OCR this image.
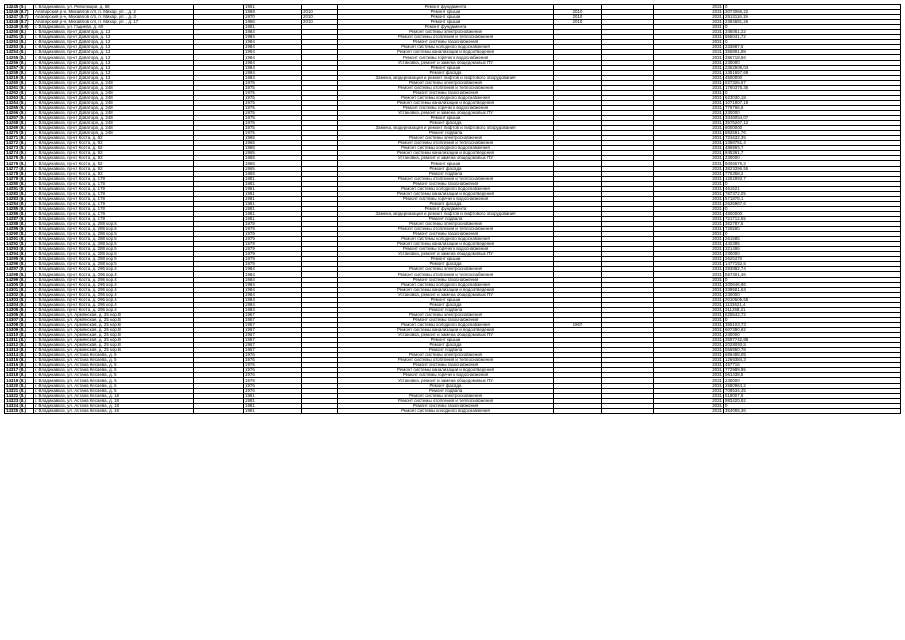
14245 (9.)	г. Владикавказ, ул. Революции, д. 58		1961		Ремонт фундамента			2031	0
14246 (8.7)	Алагирский р-н, Михайлов с/п, п. Михар, ул. , д. 2		1969	2010	Ремонт крыши	2010		2031	3074066,22
14247 (8.7)	Алагирский р-н, Михайлов с/п, п. Михар, ул. , д. 3		1970	2010	Ремонт крыши	2010		2031	2513116,19
14248 (8.7)	Алагирский р-н, Михайлов с/п, п. Михар, ул. , д. 17		1966	2010	Ремонт крыши	2010		2031	2394681,26
14249 (8.9)	г. Владикавказ, ул. Гадиева, д. 60		1981		Ремонт фундамента			2031	0
14250 (8.)	г. Владикавказ, пр-кт Доватора, д. 13		1984		Ремонт системы электроснабжения			2031	345061,22
14251 (8.)	г. Владикавказ, пр-кт Доватора, д. 13		1984		Ремонт системы отопления и теплоснабжения			2031	655041,72
14252 (8.)	г. Владикавказ, пр-кт Доватора, д. 13		1984		Ремонт системы газоснабжения			2031	0
14253 (8.)	г. Владикавказ, пр-кт Доватора, д. 13		1984		Ремонт системы холодного водоснабжения			2031	233887,6
14254 (8.)	г. Владикавказ, пр-кт Доватора, д. 13		1984		Ремонт системы канализации и водоотведения			2031	356891,98
14255 (8.)	г. Владикавказ, пр-кт Доватора, д. 13		1984		Ремонт системы горячего водоснабжения			2031	286718,56
14256 (8.)	г. Владикавказ, пр-кт Доватора, д. 13		1984		Установка, ремонт и замена общедомовых ПУ			2031	230000
14257 (8.)	г. Владикавказ, пр-кт Доватора, д. 13		1984		Ремонт крыши			2031	2362508,04
14258 (8.)	г. Владикавказ, пр-кт Доватора, д. 13		1984		Ремонт фасада			2031	1351657,68
14219 (8.)	г. Владикавказ, пр-кт Доватора, д. 13		1984		Замена, модернизация и ремонт лифтов и лифтового оборудования			2031	4500000
14260 (8.)	г. Владикавказ, пр-кт Доватора, д. 248		1975		Ремонт системы электроснабжения			2031	527326,57
14261 (8.)	г. Владикавказ, пр-кт Доватора, д. 248		1975		Ремонт системы отопления и теплоснабжения			2031	1760375,35
14262 (8.)	г. Владикавказ, пр-кт Доватора, д. 248		1975		Ремонт системы газоснабжения			2031	0
14263 (8.)	г. Владикавказ, пр-кт Доватора, д. 248		1975		Ремонт системы холодного водоснабжения			2031	623030,18
14264 (8.)	г. Владикавказ, пр-кт Доватора, д. 248		1975		Ремонт системы канализации и водоотведения			2031	1071907,19
14265 (8.)	г. Владикавказ, пр-кт Доватора, д. 248		1975		Ремонт системы горячего водоснабжения			2031	776796,8
14266 (8.)	г. Владикавказ, пр-кт Доватора, д. 248		1975		Установка, ремонт и замена общедомовых ПУ			2031	230000
14267 (8.)	г. Владикавказ, пр-кт Доватора, д. 248		1975		Ремонт крыши			2031	3349054,07
14268 (8.)	г. Владикавказ, пр-кт Доватора, д. 248		1975		Ремонт фасада			2031	3575267,12
14269 (8.)	г. Владикавказ, пр-кт Доватора, д. 248		1975		Замена, модернизация и ремонт лифтов и лифтового оборудования			2031	6000000
14270 (8.)	г. Владикавказ, пр-кт Доватора, д. 248		1975		Ремонт подвала			2031	882591,76
14271 (8.)	г. Владикавказ, пр-кт Коста, д. 92		1965		Ремонт системы электроснабжения			2031	731632,35
14272 (8.)	г. Владикавказ, пр-кт Коста, д. 92		1965		Ремонт системы отопления и теплоснабжения			2031	1368751,4
14273 (8.)	г. Владикавказ, пр-кт Коста, д. 92		1965		Ремонт системы холодного водоснабжения			2031	486993,7
14274 (8.)	г. Владикавказ, пр-кт Коста, д. 92		1965		Ремонт системы канализации и водоотведения			2031	845361,7
14275 (8.)	г. Владикавказ, пр-кт Коста, д. 92		1965		Установка, ремонт и замена общедомовых ПУ			2031	230000
14276 (8.)	г. Владикавказ, пр-кт Коста, д. 92		1965		Ремонт крыши			2031	5006576,2
14277 (8.)	г. Владикавказ, пр-кт Коста, д. 92		1965		Ремонт фасада			2031	3823396,55
14278 (8.)	г. Владикавказ, пр-кт Коста, д. 92		1965		Ремонт подвала			2031	775368,2
14279 (8.)	г. Владикавказ, пр-кт Коста, д. 178		1981		Ремонт системы отопления и теплоснабжения			2031	1262993,7
14280 (8.)	г. Владикавказ, пр-кт Коста, д. 178		1981		Ремонт системы газоснабжения			2031	0
14281 (8.)	г. Владикавказ, пр-кт Коста, д. 178		1981		Ремонт системы холодного водоснабжения			2031	461621
14282 (8.)	г. Владикавказ, пр-кт Коста, д. 178		1981		Ремонт системы канализации и водоотведения			2031	787372,05
14283 (8.)	г. Владикавказ, пр-кт Коста, д. 178		1981		Ремонт системы горячего водоснабжения			2031	571878,1
14284 (8.)	г. Владикавказ, пр-кт Коста, д. 178		1981		Ремонт фасада			2031	2626967,6
14285 (8.)	г. Владикавказ, пр-кт Коста, д. 178		1981		Ремонт фундамента			2031	0
14286 (8.)	г. Владикавказ, пр-кт Коста, д. 178		1981		Замена, модернизация и ремонт лифтов и лифтового оборудования			2031	4500000
14287 (8.)	г. Владикавказ, пр-кт Коста, д. 178		1981		Ремонт подвала			2031	721712,55
14288 (8.)	г. Владикавказ, пр-кт Коста, д. 288 кор.5		1979		Ремонт системы электроснабжения			2031	362787,5
14289 (8.)	г. Владикавказ, пр-кт Коста, д. 288 кор.5		1979		Ремонт системы отопления и теплоснабжения			2031	726590
14290 (8.)	г. Владикавказ, пр-кт Коста, д. 288 кор.5		1979		Ремонт системы газоснабжения			2031	0
14291 (8.)	г. Владикавказ, пр-кт Коста, д. 288 кор.5		1979		Ремонт системы холодного водоснабжения			2031	261585
14292 (8.)	г. Владикавказ, пр-кт Коста, д. 288 кор.5		1979		Ремонт системы канализации и водоотведения			2031	442395
14293 (8.)	г. Владикавказ, пр-кт Коста, д. 288 кор.5		1979		Ремонт системы горячего водоснабжения			2031	321495
14294 (8.)	г. Владикавказ, пр-кт Коста, д. 288 кор.5		1979		Установка, ремонт и замена общедомовых ПУ			2031	230000
14295 (8.)	г. Владикавказ, пр-кт Коста, д. 288 кор.5		1979		Ремонт крыши			2031	2620470
14296 (8.)	г. Владикавказ, пр-кт Коста, д. 288 кор.5		1979		Ремонт фасада			2031	1477152,5
14297 (8.)	г. Владикавказ, пр-кт Коста, д. 296 кор.4		1984		Ремонт системы электроснабжения			2031	293882,74
14298 (8.)	г. Владикавказ, пр-кт Коста, д. 296 кор.4		1984		Ремонт системы отопления и теплоснабжения			2031	557401,46
14299 (8.)	г. Владикавказ, пр-кт Коста, д. 296 кор.4		1984		Ремонт системы газоснабжения			2031	0
14300 (8.)	г. Владикавказ, пр-кт Коста, д. 296 кор.4		1984		Ремонт системы холодного водоснабжения			2031	200646,96
14301 (8.)	г. Владикавказ, пр-кт Коста, д. 296 кор.4		1984		Ремонт системы канализации и водоотведения			2031	339501,63
14302 (8.)	г. Владикавказ, пр-кт Коста, д. 296 кор.4		1984		Установка, ремонт и замена общедомовых ПУ			2031	230000
14303 (8.)	г. Владикавказ, пр-кт Коста, д. 296 кор.4		1984		Ремонт крыши			2031	2010605,65
14304 (8.)	г. Владикавказ, пр-кт Коста, д. 296 кор.4		1984		Ремонт фасада			2031	1133621,4
14305 (8.)	г. Владикавказ, пр-кт Коста, д. 296 кор.4		1984		Ремонт подвала			2031	311258,31
14306 (8.)	г. Владикавказ, ул. Армянская, д. 25 кор.В		1967		Ремонт системы электроснабжения			2031	525542,72
14307 (8.)	г. Владикавказ, ул. Армянская, д. 25 кор.В		1967		Ремонт системы газоснабжения			2031	0
14308 (8.)	г. Владикавказ, ул. Армянская, д. 25 кор.В		1967		Ремонт системы холодного водоснабжения	1967		2031	359103,73
14309 (8.)	г. Владикавказ, ул. Армянская, д. 25 кор.В		1967		Ремонт системы канализации и водоотведения			2031	607390,92
14310 (8.)	г. Владикавказ, ул. Армянская, д. 25 кор.В		1967		Установка, ремонт и замена общедомовых ПУ			2031	230000
14311 (8.)	г. Владикавказ, ул. Армянская, д. 25 кор.В		1967		Ремонт крыши			2031	3597742,88
14312 (8.)	г. Владикавказ, ул. Армянская, д. 25 кор.В		1967		Ремонт фасада			2031	2028093,8
14313 (8.)	г. Владикавказ, ул. Армянская, д. 25 кор.В		1967		Ремонт подвала			2031	556950,78
14314 (8.)	г. Владикавказ, ул. Астана Кесаева, д. 5		1976		Ремонт системы электроснабжения			2031	669488,05
14315 (8.)	г. Владикавказ, ул. Астана Кесаева, д. 5		1976		Ремонт системы отопления и теплоснабжения			2031	1269384,3
14316 (8.)	г. Владикавказ, ул. Астана Кесаева, д. 5		1976		Ремонт системы газоснабжения			2031	457716
14317 (8.)	г. Владикавказ, ул. Астана Кесаева, д. 5		1976		Ремонт системы канализации и водоотведения			2031	772989,95
14318 (8.)	г. Владикавказ, ул. Астана Кесаева, д. 5		1976		Ремонт системы горячего водоснабжения			2031	561438,5
14319 (8.)	г. Владикавказ, ул. Астана Кесаева, д. 5		1976		Установка, ремонт и замена общедомовых ПУ			2031	230000
14320 (8.)	г. Владикавказ, ул. Астана Кесаева, д. 5		1976		Ремонт фасада			2031	2580964,2
14321 (8.)	г. Владикавказ, ул. Астана Кесаева, д. 5		1976		Ремонт подвала			2031	708534,45
14322 (8.)	г. Владикавказ, ул. Астана Кесаева, д. 18		1981		Ремонт системы электроснабжения			2031	519007,8
14323 (8.)	г. Владикавказ, ул. Астана Кесаева, д. 18		1981		Ремонт системы отопления и теплоснабжения			2031	983420,92
14324 (8.)	г. Владикавказ, ул. Астана Кесаева, д. 18		1981		Ремонт системы газоснабжения			2031	0
14325 (8.)	г. Владикавказ, ул. Астана Кесаева, д. 18		1981		Ремонт системы холодного водоснабжения			2031	354065,36
